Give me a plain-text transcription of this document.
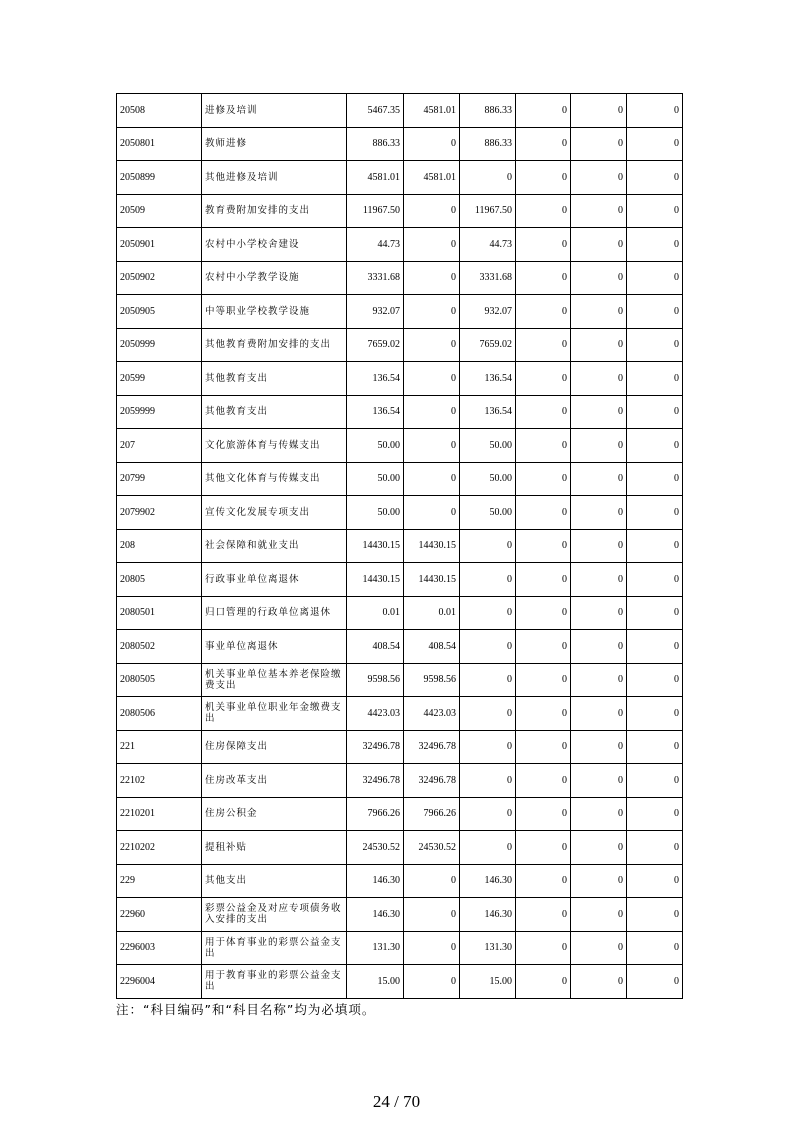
20508	进修及培训	5467.35	4581.01	886.33	0	0	0
2050801	教师进修	886.33	0	886.33	0	0	0
2050899	其他进修及培训	4581.01	4581.01	0	0	0	0
20509	教育费附加安排的支出	11967.50	0	11967.50	0	0	0
2050901	农村中小学校舍建设	44.73	0	44.73	0	0	0
2050902	农村中小学教学设施	3331.68	0	3331.68	0	0	0
2050905	中等职业学校教学设施	932.07	0	932.07	0	0	0
2050999	其他教育费附加安排的支出	7659.02	0	7659.02	0	0	0
20599	其他教育支出	136.54	0	136.54	0	0	0
2059999	其他教育支出	136.54	0	136.54	0	0	0
207	文化旅游体育与传媒支出	50.00	0	50.00	0	0	0
20799	其他文化体育与传媒支出	50.00	0	50.00	0	0	0
2079902	宣传文化发展专项支出	50.00	0	50.00	0	0	0
208	社会保障和就业支出	14430.15	14430.15	0	0	0	0
20805	行政事业单位离退休	14430.15	14430.15	0	0	0	0
2080501	归口管理的行政单位离退休	0.01	0.01	0	0	0	0
2080502	事业单位离退休	408.54	408.54	0	0	0	0
2080505	机关事业单位基本养老保险缴费支出	9598.56	9598.56	0	0	0	0
2080506	机关事业单位职业年金缴费支出	4423.03	4423.03	0	0	0	0
221	住房保障支出	32496.78	32496.78	0	0	0	0
22102	住房改革支出	32496.78	32496.78	0	0	0	0
2210201	住房公积金	7966.26	7966.26	0	0	0	0
2210202	提租补贴	24530.52	24530.52	0	0	0	0
229	其他支出	146.30	0	146.30	0	0	0
22960	彩票公益金及对应专项债务收入安排的支出	146.30	0	146.30	0	0	0
2296003	用于体育事业的彩票公益金支出	131.30	0	131.30	0	0	0
2296004	用于教育事业的彩票公益金支出	15.00	0	15.00	0	0	0

注：“科目编码”和“科目名称”均为必填项。

24 / 70
